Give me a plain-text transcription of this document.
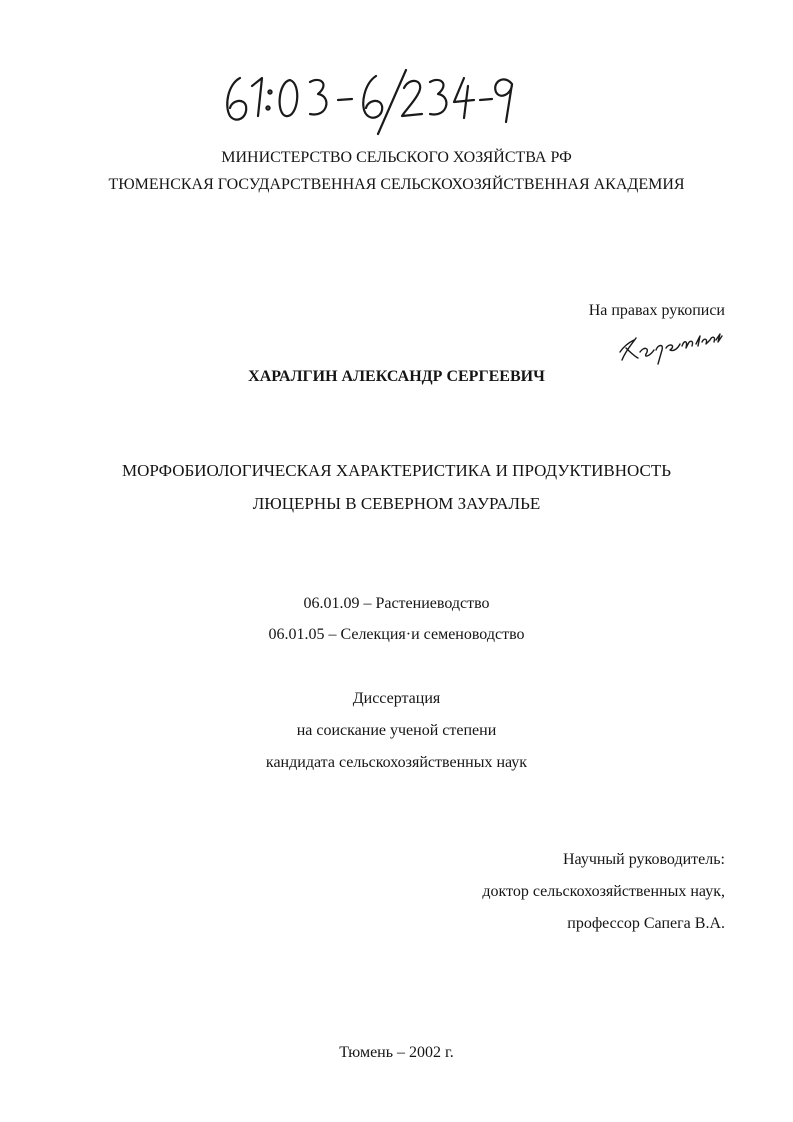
МИНИСТЕРСТВО СЕЛЬСКОГО ХОЗЯЙСТВА РФ
ТЮМЕНСКАЯ ГОСУДАРСТВЕННАЯ СЕЛЬСКОХОЗЯЙСТВЕННАЯ АКАДЕМИЯ
На правах рукописи
ХАРАЛГИН АЛЕКСАНДР СЕРГЕЕВИЧ
МОРФОБИОЛОГИЧЕСКАЯ ХАРАКТЕРИСТИКА И ПРОДУКТИВНОСТЬ
ЛЮЦЕРНЫ В СЕВЕРНОМ ЗАУРАЛЬЕ
06.01.09 – Растениеводство
06.01.05 – Селекция·и семеноводство
Диссертация
на соискание ученой степени
кандидата сельскохозяйственных наук
Научный руководитель:
доктор сельскохозяйственных наук,
профессор Сапега В.А.
Тюмень – 2002 г.
